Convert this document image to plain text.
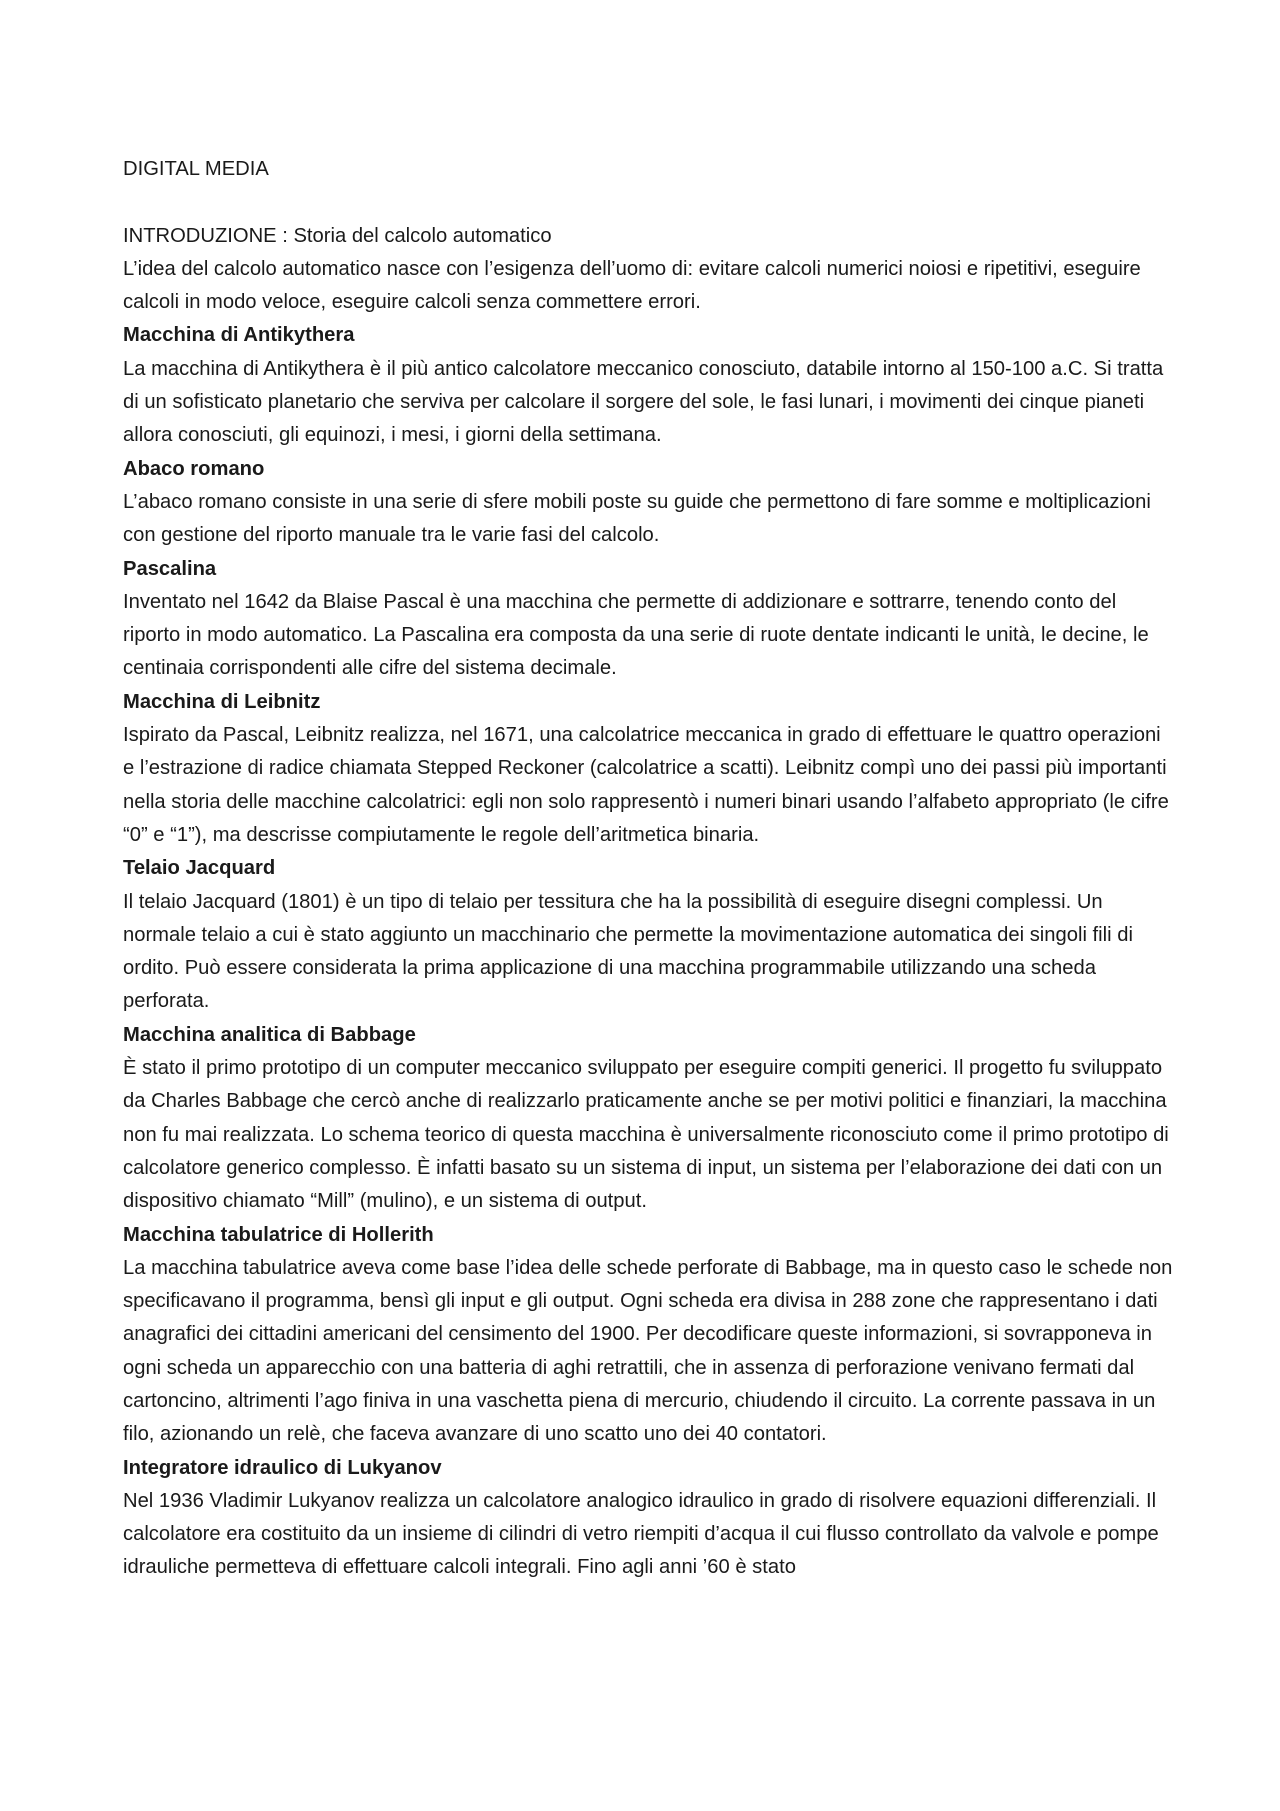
DIGITAL MEDIA

INTRODUZIONE : Storia del calcolo automatico

L’idea del calcolo automatico nasce con l’esigenza dell’uomo di: evitare calcoli numerici noiosi e ripetitivi, eseguire calcoli in modo veloce, eseguire calcoli senza commettere errori.

Macchina di Antikythera

La macchina di Antikythera è il più antico calcolatore meccanico conosciuto, databile intorno al 150-100 a.C. Si tratta di un sofisticato planetario che serviva per calcolare il sorgere del sole, le fasi lunari, i movimenti dei cinque pianeti allora conosciuti, gli equinozi, i mesi, i giorni della settimana.

Abaco romano

L’abaco romano consiste in una serie di sfere mobili poste su guide che permettono di fare somme e moltiplicazioni con gestione del riporto manuale tra le varie fasi del calcolo.

Pascalina

Inventato nel 1642 da Blaise Pascal è una macchina che permette di addizionare e sottrarre, tenendo conto del riporto in modo automatico. La Pascalina era composta da una serie di ruote dentate indicanti le unità, le decine, le centinaia corrispondenti alle cifre del sistema decimale.

Macchina di Leibnitz

Ispirato da Pascal, Leibnitz realizza, nel 1671, una calcolatrice meccanica in grado di effettuare le quattro operazioni e l’estrazione di radice chiamata Stepped Reckoner (calcolatrice a scatti). Leibnitz compì uno dei passi più importanti nella storia delle macchine calcolatrici: egli non solo rappresentò i numeri binari usando l’alfabeto appropriato (le cifre “0” e “1”), ma descrisse compiutamente le regole dell’aritmetica binaria.

Telaio Jacquard

Il telaio Jacquard (1801) è un tipo di telaio per tessitura che ha la possibilità di eseguire disegni complessi. Un normale telaio a cui è stato aggiunto un macchinario che permette la movimentazione automatica dei singoli fili di ordito. Può essere considerata la prima applicazione di una macchina programmabile utilizzando una scheda perforata.

Macchina analitica di Babbage

È stato il primo prototipo di un computer meccanico sviluppato per eseguire compiti generici. Il progetto fu sviluppato da Charles Babbage che cercò anche di realizzarlo praticamente anche se per motivi politici e finanziari, la macchina non fu mai realizzata. Lo schema teorico di questa macchina è universalmente riconosciuto come il primo prototipo di calcolatore generico complesso. È infatti basato su un sistema di input, un sistema per l’elaborazione dei dati con un dispositivo chiamato “Mill” (mulino), e un sistema di output.

Macchina tabulatrice di Hollerith

La macchina tabulatrice aveva come base l’idea delle schede perforate di Babbage, ma in questo caso le schede non specificavano il programma, bensì gli input e gli output. Ogni scheda era divisa in 288 zone che rappresentano i dati anagrafici dei cittadini americani del censimento del 1900. Per decodificare queste informazioni, si sovrapponeva in ogni scheda un apparecchio con una batteria di aghi retrattili, che in assenza di perforazione venivano fermati dal cartoncino, altrimenti l’ago finiva in una vaschetta piena di mercurio, chiudendo il circuito. La corrente passava in un filo, azionando un relè, che faceva avanzare di uno scatto uno dei 40 contatori.

Integratore idraulico di Lukyanov

Nel 1936 Vladimir Lukyanov realizza un calcolatore analogico idraulico in grado di risolvere equazioni differenziali. Il calcolatore era costituito da un insieme di cilindri di vetro riempiti d’acqua il cui flusso controllato da valvole e pompe idrauliche permetteva di effettuare calcoli integrali. Fino agli anni ’60 è stato
